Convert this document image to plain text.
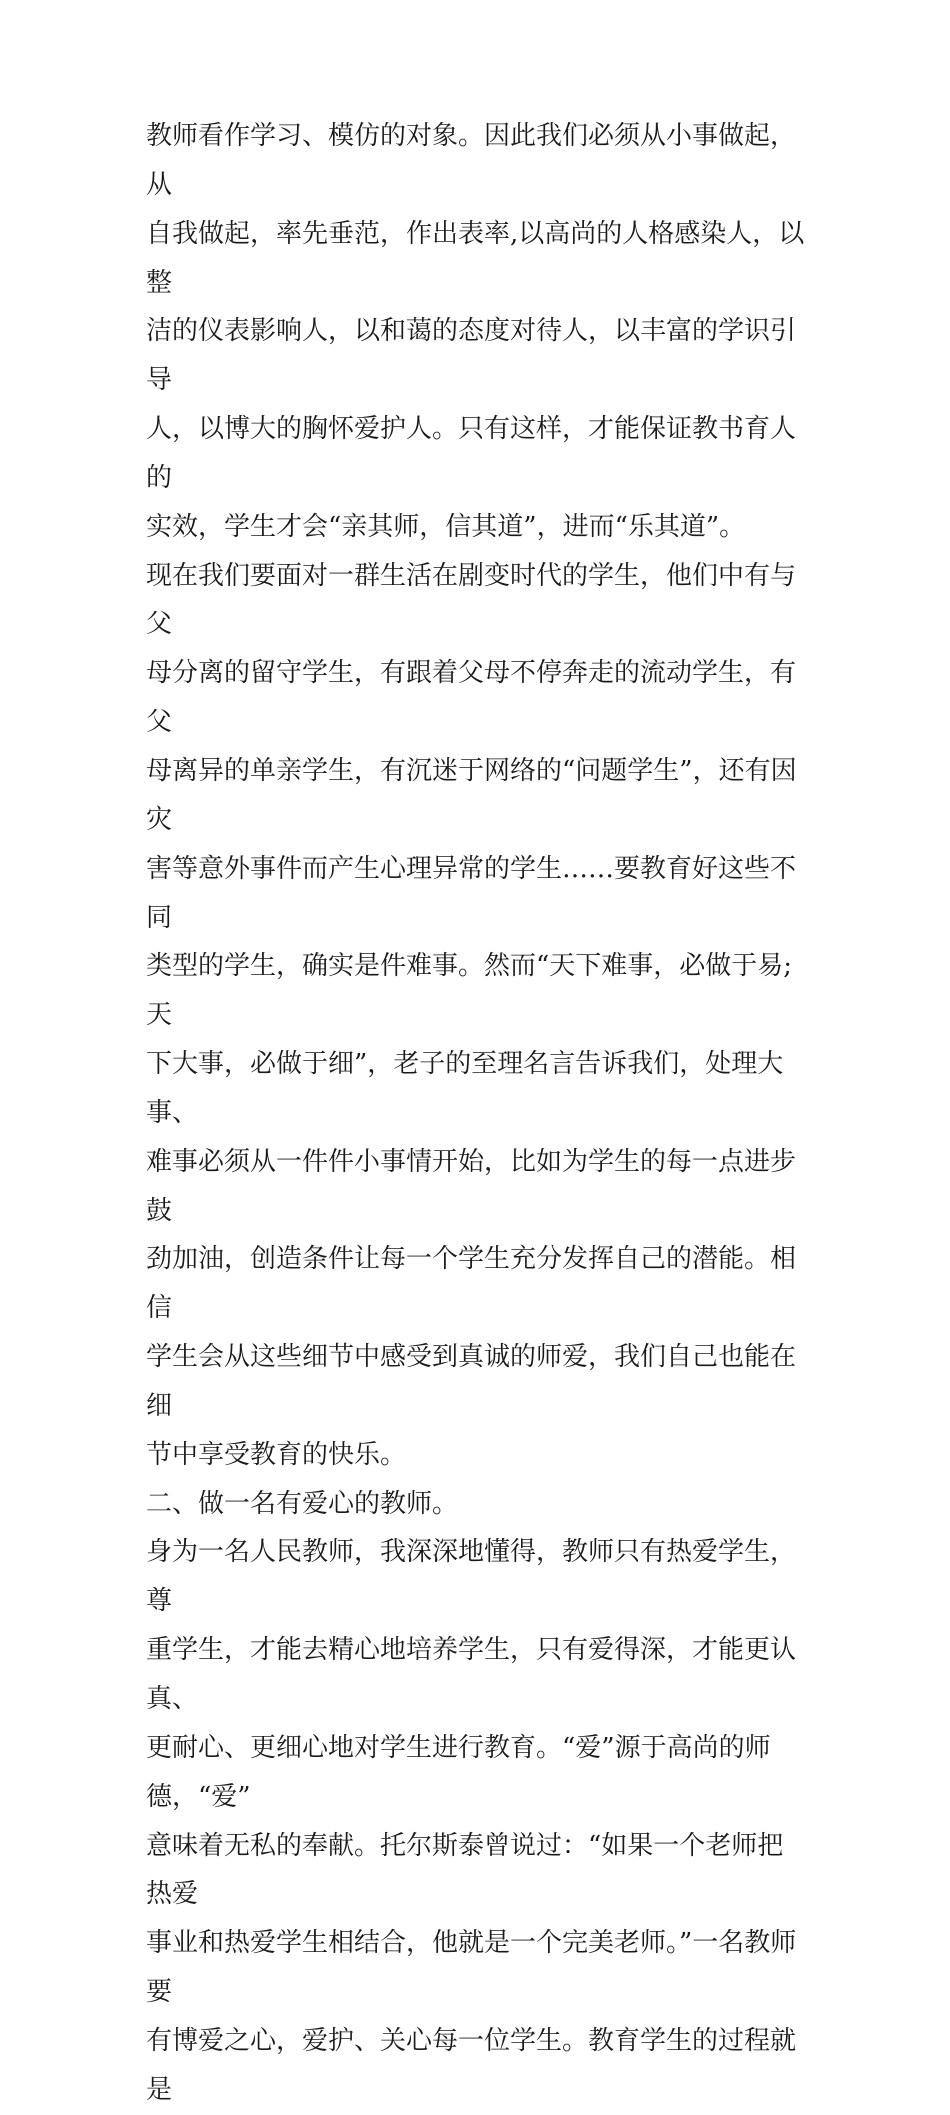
教师看作学习、模仿的对象。因此我们必须从小事做起，从
自我做起，率先垂范，作出表率,以高尚的人格感染人，以整
洁的仪表影响人，以和蔼的态度对待人，以丰富的学识引导
人，以博大的胸怀爱护人。只有这样，才能保证教书育人的
实效，学生才会“亲其师，信其道”，进而“乐其道”。

现在我们要面对一群生活在剧变时代的学生，他们中有与父
母分离的留守学生，有跟着父母不停奔走的流动学生，有父
母离异的单亲学生，有沉迷于网络的“问题学生”，还有因灾
害等意外事件而产生心理异常的学生……要教育好这些不同
类型的学生，确实是件难事。然而“天下难事，必做于易;天
下大事，必做于细”，老子的至理名言告诉我们，处理大事、
难事必须从一件件小事情开始，比如为学生的每一点进步鼓
劲加油，创造条件让每一个学生充分发挥自己的潜能。相信
学生会从这些细节中感受到真诚的师爱，我们自己也能在细
节中享受教育的快乐。

二、做一名有爱心的教师。

身为一名人民教师，我深深地懂得，教师只有热爱学生，尊
重学生，才能去精心地培养学生，只有爱得深，才能更认真、
更耐心、更细心地对学生进行教育。“爱”源于高尚的师德，“爱”
意味着无私的奉献。托尔斯泰曾说过：“如果一个老师把热爱
事业和热爱学生相结合，他就是一个完美老师。”一名教师要
有博爱之心，爱护、关心每一位学生。教育学生的过程就是
